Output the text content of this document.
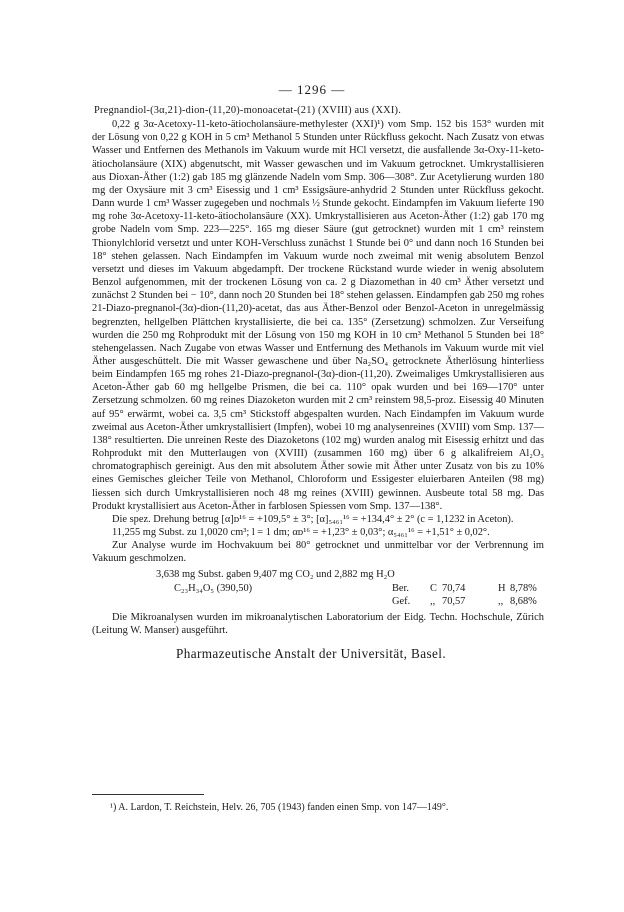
— 1296 —
Pregnandiol-(3α,21)-dion-(11,20)-monoacetat-(21) (XVIII) aus (XXI).

0,22 g 3α-Acetoxy-11-keto-ätiocholansäure-methylester (XXI)¹) vom Smp. 152 bis 153° wurden mit der Lösung von 0,22 g KOH in 5 cm³ Methanol 5 Stunden unter Rückfluss gekocht. Nach Zusatz von etwas Wasser und Entfernen des Methanols im Vakuum wurde mit HCl versetzt, die ausfallende 3α-Oxy-11-keto-ätiocholansäure (XIX) abgenutscht, mit Wasser gewaschen und im Vakuum getrocknet. Umkrystallisieren aus Dioxan-Äther (1:2) gab 185 mg glänzende Nadeln vom Smp. 306—308°. Zur Acetylierung wurden 180 mg der Oxysäure mit 3 cm³ Eisessig und 1 cm³ Essigsäure-anhydrid 2 Stunden unter Rückfluss gekocht. Dann wurde 1 cm³ Wasser zugegeben und nochmals ½ Stunde gekocht. Eindampfen im Vakuum lieferte 190 mg rohe 3α-Acetoxy-11-keto-ätiocholansäure (XX). Umkrystallisieren aus Aceton-Äther (1:2) gab 170 mg grobe Nadeln vom Smp. 223—225°. 165 mg dieser Säure (gut getrocknet) wurden mit 1 cm³ reinstem Thionylchlorid versetzt und unter KOH-Verschluss zunächst 1 Stunde bei 0° und dann noch 16 Stunden bei 18° stehen gelassen. Nach Eindampfen im Vakuum wurde noch zweimal mit wenig absolutem Benzol versetzt und dieses im Vakuum abgedampft. Der trockene Rückstand wurde wieder in wenig absolutem Benzol aufgenommen, mit der trockenen Lösung von ca. 2 g Diazomethan in 40 cm³ Äther versetzt und zunächst 2 Stunden bei − 10°, dann noch 20 Stunden bei 18° stehen gelassen. Eindampfen gab 250 mg rohes 21-Diazo-pregnanol-(3α)-dion-(11,20)-acetat, das aus Äther-Benzol oder Benzol-Aceton in unregelmässig begrenzten, hellgelben Plättchen krystallisierte, die bei ca. 135° (Zersetzung) schmolzen. Zur Verseifung wurden die 250 mg Rohprodukt mit der Lösung von 150 mg KOH in 10 cm³ Methanol 5 Stunden bei 18° stehengelassen. Nach Zugabe von etwas Wasser und Entfernung des Methanols im Vakuum wurde mit viel Äther ausgeschüttelt. Die mit Wasser gewaschene und über Na₂SO₄ getrocknete Ätherlösung hinterliess beim Eindampfen 165 mg rohes 21-Diazo-pregnanol-(3α)-dion-(11,20). Zweimaliges Umkrystallisieren aus Aceton-Äther gab 60 mg hellgelbe Prismen, die bei ca. 110° opak wurden und bei 169—170° unter Zersetzung schmolzen. 60 mg reines Diazoketon wurden mit 2 cm³ reinstem 98,5-proz. Eisessig 40 Minuten auf 95° erwärmt, wobei ca. 3,5 cm³ Stickstoff abgespalten wurden. Nach Eindampfen im Vakuum wurde zweimal aus Aceton-Äther umkrystallisiert (Impfen), wobei 10 mg analysenreines (XVIII) vom Smp. 137—138° resultierten. Die unreinen Reste des Diazoketons (102 mg) wurden analog mit Eisessig erhitzt und das Rohprodukt mit den Mutterlaugen von (XVIII) (zusammen 160 mg) über 6 g alkalifreiem Al₂O₃ chromatographisch gereinigt. Aus den mit absolutem Äther sowie mit Äther unter Zusatz von bis zu 10% eines Gemisches gleicher Teile von Methanol, Chloroform und Essigester eluierbaren Anteilen (98 mg) liessen sich durch Umkrystallisieren noch 48 mg reines (XVIII) gewinnen. Ausbeute total 58 mg. Das Produkt krystallisiert aus Aceton-Äther in farblosen Spiessen vom Smp. 137—138°.

Die spez. Drehung betrug [α]ᴅ¹⁶ = +109,5° ± 3°; [α]₅₄₆₁¹⁶ = +134,4° ± 2° (c = 1,1232 in Aceton).

11,255 mg Subst. zu 1,0020 cm³; l = 1 dm; αᴅ¹⁶ = +1,23° ± 0,03°; α₅₄₆₁¹⁶ = +1,51° ± 0,02°.

Zur Analyse wurde im Hochvakuum bei 80° getrocknet und unmittelbar vor der Verbrennung im Vakuum geschmolzen.

3,638 mg Subst. gaben 9,407 mg CO₂ und 2,882 mg H₂O
C₂₃H₃₄O₅ (390,50)	Ber.	C 70,74	H 8,78%
Gef.	,, 70,57	,, 8,68%

Die Mikroanalysen wurden im mikroanalytischen Laboratorium der Eidg. Techn. Hochschule, Zürich (Leitung W. Manser) ausgeführt.

Pharmazeutische Anstalt der Universität, Basel.
¹) A. Lardon, T. Reichstein, Helv. 26, 705 (1943) fanden einen Smp. von 147—149°.
